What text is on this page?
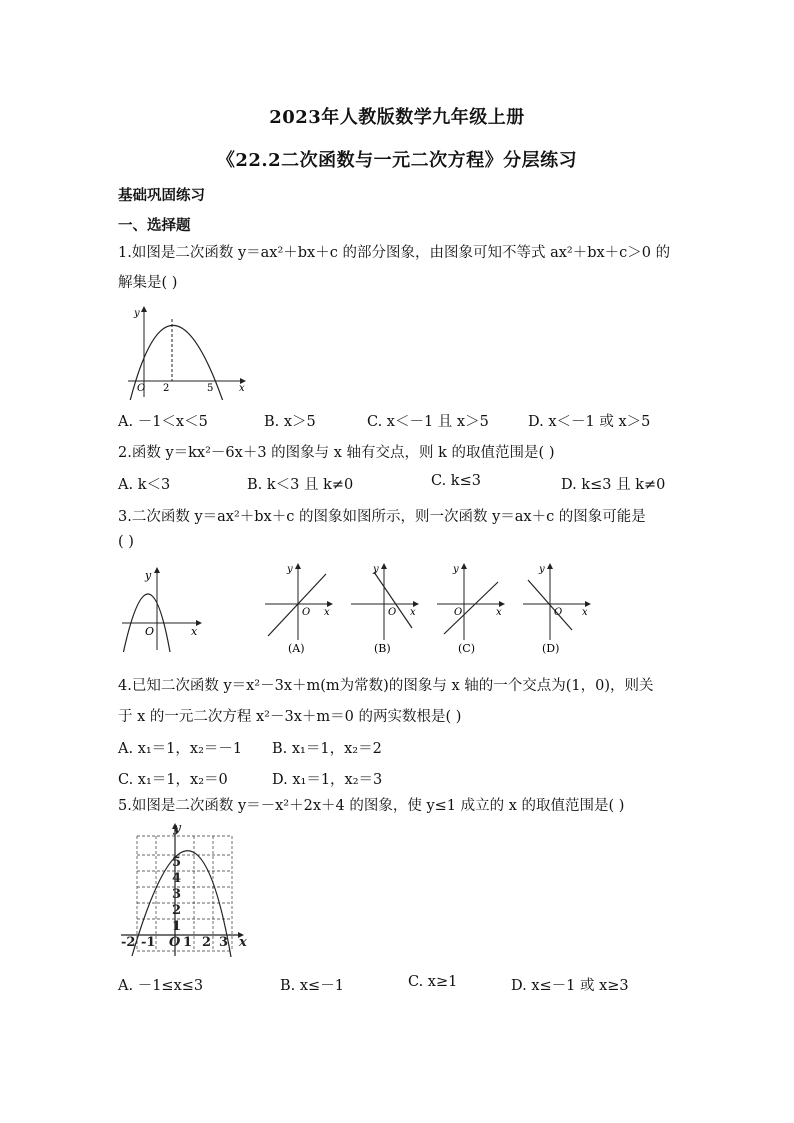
2023年人教版数学九年级上册
《22.2二次函数与一元二次方程》分层练习
基础巩固练习
一、选择题
1.如图是二次函数 y＝ax²＋bx＋c 的部分图象，由图象可知不等式 ax²＋bx＋c＞0 的
解集是( )
y
O 2	5	x
A. －1＜x＜5	B. x＞5	C. x＜－1 且 x＞5	D. x＜－1 或 x＞5
2.函数 y＝kx²－6x＋3 的图象与 x 轴有交点，则 k 的取值范围是( )
A. k＜3	B. k＜3 且 k≠0	C. k≤3	D. k≤3 且 k≠0
3.二次函数 y＝ax²＋bx＋c 的图象如图所示，则一次函数 y＝ax＋c 的图象可能是
( )
y
O	x
y
O x
(A)
y
O x
(B)
y
O	x
(C)
y
O x
(D)
4.已知二次函数 y＝x²－3x＋m(m为常数)的图象与 x 轴的一个交点为(1，0)，则关
于 x 的一元二次方程 x²－3x＋m＝0 的两实数根是( )
A. x₁＝1，x₂＝－1 B. x₁＝1，x₂＝2
C. x₁＝1，x₂＝0	D. x₁＝1，x₂＝3
5.如图是二次函数 y＝－x²＋2x＋4 的图象，使 y≤1 成立的 x 的取值范围是( )
y
5
4
3
2
1
-2 -1 O 1 2 3 x
A. －1≤x≤3	B. x≤－1	C. x≥1	D. x≤－1 或 x≥3
